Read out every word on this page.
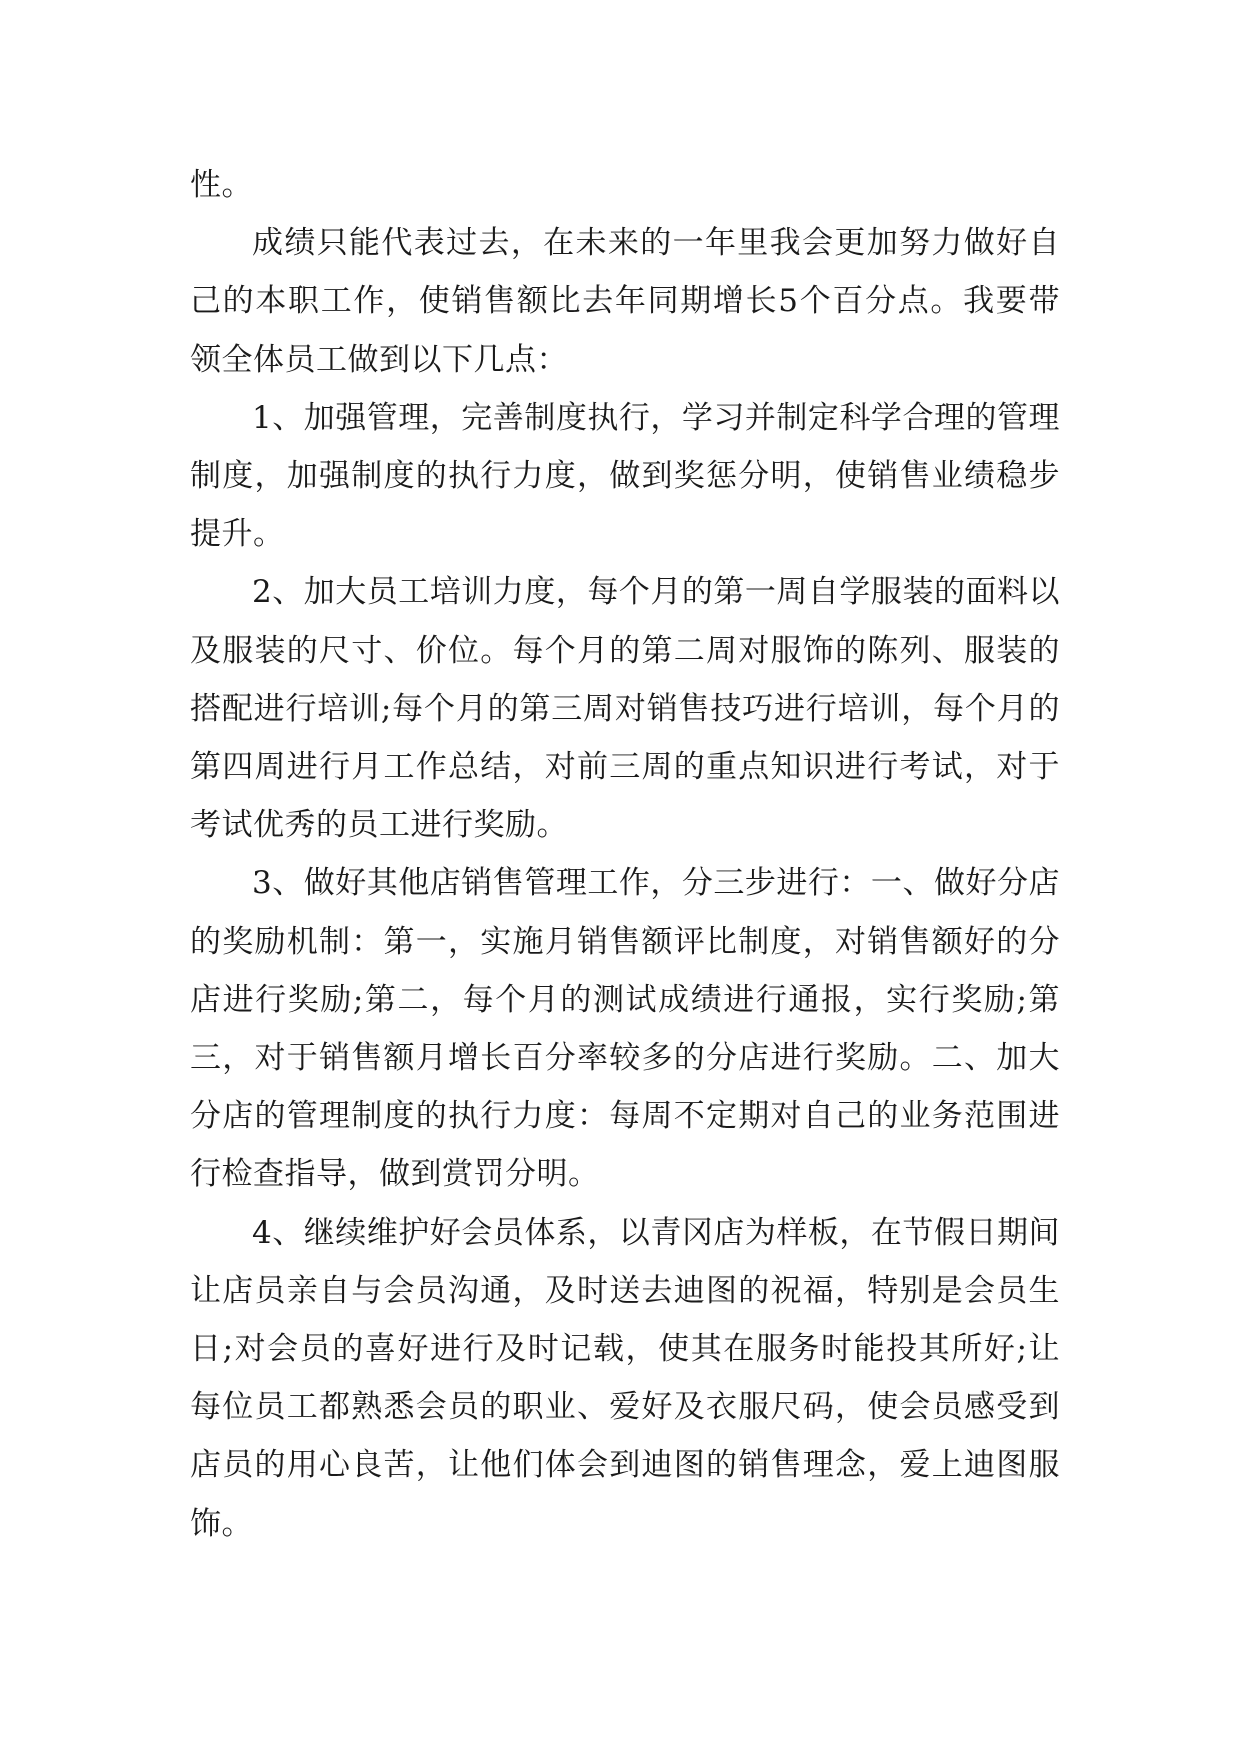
性。

成绩只能代表过去，在未来的一年里我会更加努力做好自己的本职工作，使销售额比去年同期增长5个百分点。我要带领全体员工做到以下几点：

1、加强管理，完善制度执行，学习并制定科学合理的管理制度，加强制度的执行力度，做到奖惩分明，使销售业绩稳步提升。

2、加大员工培训力度，每个月的第一周自学服装的面料以及服装的尺寸、价位。每个月的第二周对服饰的陈列、服装的搭配进行培训;每个月的第三周对销售技巧进行培训，每个月的第四周进行月工作总结，对前三周的重点知识进行考试，对于考试优秀的员工进行奖励。

3、做好其他店销售管理工作，分三步进行：一、做好分店的奖励机制：第一，实施月销售额评比制度，对销售额好的分店进行奖励;第二，每个月的测试成绩进行通报，实行奖励;第三，对于销售额月增长百分率较多的分店进行奖励。二、加大分店的管理制度的执行力度：每周不定期对自己的业务范围进行检查指导，做到赏罚分明。

4、继续维护好会员体系，以青冈店为样板，在节假日期间让店员亲自与会员沟通，及时送去迪图的祝福，特别是会员生日;对会员的喜好进行及时记载，使其在服务时能投其所好;让每位员工都熟悉会员的职业、爱好及衣服尺码，使会员感受到店员的用心良苦，让他们体会到迪图的销售理念，爱上迪图服饰。
